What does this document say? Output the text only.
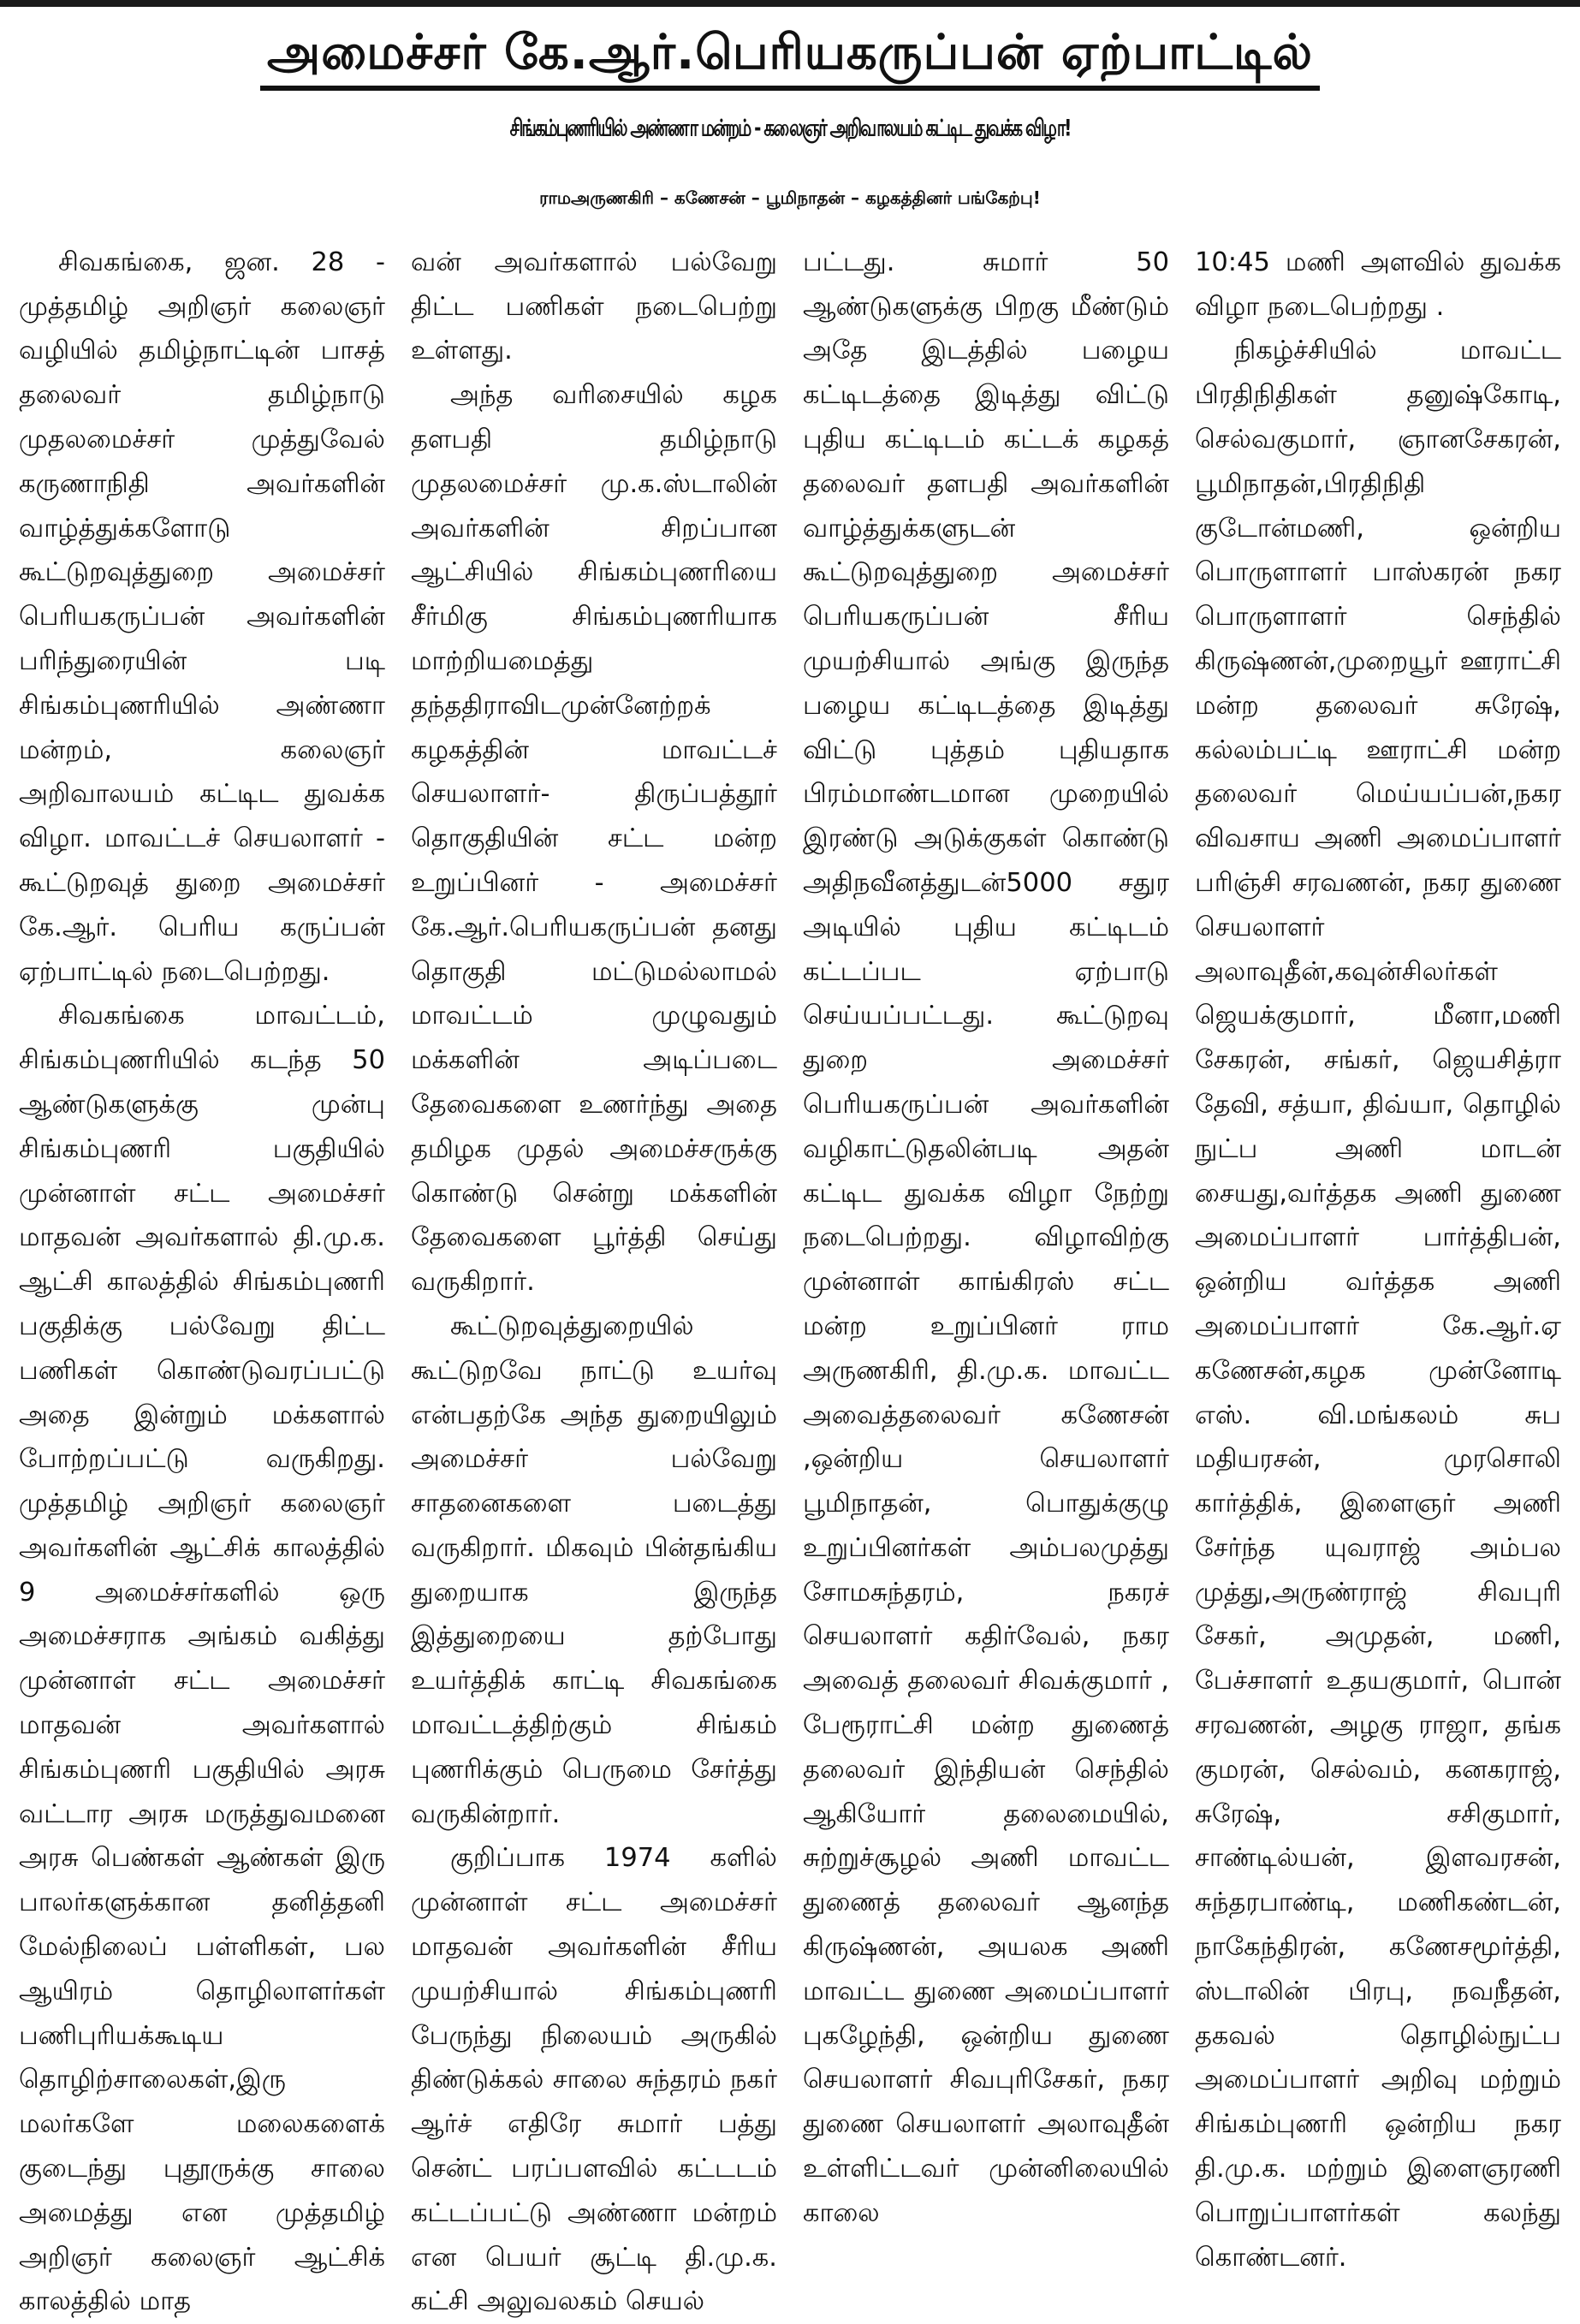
அமைச்சர் கே.ஆர்.பெரியகருப்பன் ஏற்பாட்டில்
சிங்கம்புணரியில் அண்ணா மன்றம் - கலைஞர் அறிவாலயம் கட்டிட துவக்க விழா!
ராமஅருணகிரி – கணேசன் – பூமிநாதன் – கழகத்தினர் பங்கேற்பு!

சிவகங்கை, ஜன. 28 - முத்தமிழ் அறிஞர் கலைஞர் வழியில் தமிழ்நாட்டின் பாசத் தலைவர் தமிழ்நாடு முதலமைச்சர் முத்துவேல் கருணாநிதி அவர்களின் வாழ்த்துக்களோடு கூட்டுறவுத்துறை அமைச்சர் பெரியகருப்பன் அவர்களின் பரிந்துரையின் படி சிங்கம்புணரியில் அண்ணா மன்றம், கலைஞர் அறிவாலயம் கட்டிட துவக்க விழா. மாவட்டச் செயலாளர் - கூட்டுறவுத் துறை அமைச்சர் கே.ஆர். பெரிய கருப்பன் ஏற்பாட்டில் நடைபெற்றது.

சிவகங்கை மாவட்டம், சிங்கம்புணரியில் கடந்த 50 ஆண்டுகளுக்கு முன்பு சிங்கம்புணரி பகுதியில் முன்னாள் சட்ட அமைச்சர் மாதவன் அவர்களால் தி.மு.க. ஆட்சி காலத்தில் சிங்கம்புணரி பகுதிக்கு பல்வேறு திட்ட பணிகள் கொண்டுவரப்பட்டு அதை இன்றும் மக்களால் போற்றப்பட்டு வருகிறது. முத்தமிழ் அறிஞர் கலைஞர் அவர்களின் ஆட்சிக் காலத்தில் 9 அமைச்சர்களில் ஒரு அமைச்சராக அங்கம் வகித்து முன்னாள் சட்ட அமைச்சர் மாதவன் அவர்களால் சிங்கம்புணரி பகுதியில் அரசு வட்டார அரசு மருத்துவமனை அரசு பெண்கள் ஆண்கள் இரு பாலர்களுக்கான தனித்தனி மேல்நிலைப் பள்ளிகள், பல ஆயிரம் தொழிலாளர்கள் பணிபுரியக்கூடிய தொழிற்சாலைகள்,இரு மலர்களே மலைகளைக் குடைந்து புதூருக்கு சாலை அமைத்து என முத்தமிழ் அறிஞர் கலைஞர் ஆட்சிக் காலத்தில் மாத

வன் அவர்களால் பல்வேறு திட்ட பணிகள் நடைபெற்று உள்ளது.

அந்த வரிசையில் கழக தளபதி தமிழ்நாடு முதலமைச்சர் மு.க.ஸ்டாலின் அவர்களின் சிறப்பான ஆட்சியில் சிங்கம்புணரியை சீர்மிகு சிங்கம்புணரியாக மாற்றியமைத்து தந்ததிராவிடமுன்னேற்றக் கழகத்தின் மாவட்டச் செயலாளர்- திருப்பத்தூர் தொகுதியின் சட்ட மன்ற உறுப்பினர் - அமைச்சர் கே.ஆர்.பெரியகருப்பன் தனது தொகுதி மட்டுமல்லாமல் மாவட்டம் முழுவதும் மக்களின் அடிப்படை தேவைகளை உணர்ந்து அதை தமிழக முதல் அமைச்சருக்கு கொண்டு சென்று மக்களின் தேவைகளை பூர்த்தி செய்து வருகிறார்.

கூட்டுறவுத்துறையில் கூட்டுறவே நாட்டு உயர்வு என்பதற்கே அந்த துறையிலும் அமைச்சர் பல்வேறு சாதனைகளை படைத்து வருகிறார். மிகவும் பின்தங்கிய துறையாக இருந்த இத்துறையை தற்போது உயர்த்திக் காட்டி சிவகங்கை மாவட்டத்திற்கும் சிங்கம் புணரிக்கும் பெருமை சேர்த்து வருகின்றார்.

குறிப்பாக 1974 களில் முன்னாள் சட்ட அமைச்சர் மாதவன் அவர்களின் சீரிய முயற்சியால் சிங்கம்புணரி பேருந்து நிலையம் அருகில் திண்டுக்கல் சாலை சுந்தரம் நகர் ஆர்ச் எதிரே சுமார் பத்து சென்ட் பரப்பளவில் கட்டடம் கட்டப்பட்டு அண்ணா மன்றம் என பெயர் சூட்டி தி.மு.க. கட்சி அலுவலகம் செயல்

பட்டது. சுமார் 50 ஆண்டுகளுக்கு பிறகு மீண்டும் அதே இடத்தில் பழைய கட்டிடத்தை இடித்து விட்டு புதிய கட்டிடம் கட்டக் கழகத் தலைவர் தளபதி அவர்களின் வாழ்த்துக்களுடன் கூட்டுறவுத்துறை அமைச்சர் பெரியகருப்பன் சீரிய முயற்சியால் அங்கு இருந்த பழைய கட்டிடத்தை இடித்து விட்டு புத்தம் புதியதாக பிரம்மாண்டமான முறையில் இரண்டு அடுக்குகள் கொண்டு அதிநவீனத்துடன்5000 சதுர அடியில் புதிய கட்டிடம் கட்டப்பட ஏற்பாடு செய்யப்பட்டது. கூட்டுறவு துறை அமைச்சர் பெரியகருப்பன் அவர்களின் வழிகாட்டுதலின்படி அதன் கட்டிட துவக்க விழா நேற்று நடைபெற்றது. விழாவிற்கு முன்னாள் காங்கிரஸ் சட்ட மன்ற உறுப்பினர் ராம அருணகிரி, தி.மு.க. மாவட்ட அவைத்தலைவர் கணேசன் ,ஒன்றிய செயலாளர் பூமிநாதன், பொதுக்குழு உறுப்பினர்கள் அம்பலமுத்து சோமசுந்தரம், நகரச் செயலாளர் கதிர்வேல், நகர அவைத் தலைவர் சிவக்குமார் , பேரூராட்சி மன்ற துணைத் தலைவர் இந்தியன் செந்தில் ஆகியோர் தலைமையில், சுற்றுச்சூழல் அணி மாவட்ட துணைத் தலைவர் ஆனந்த கிருஷ்ணன், அயலக அணி மாவட்ட துணை அமைப்பாளர் புகழேந்தி, ஒன்றிய துணை செயலாளர் சிவபுரிசேகர், நகர துணை செயலாளர் அலாவுதீன் உள்ளிட்டவர் முன்னிலையில் காலை

10:45 மணி அளவில் துவக்க விழா நடைபெற்றது .

நிகழ்ச்சியில் மாவட்ட பிரதிநிதிகள் தனுஷ்கோடி, செல்வகுமார், ஞானசேகரன், பூமிநாதன்,பிரதிநிதி குடோன்மணி, ஒன்றிய பொருளாளர் பாஸ்கரன் நகர பொருளாளர் செந்தில் கிருஷ்ணன்,முறையூர் ஊராட்சி மன்ற தலைவர் சுரேஷ், கல்லம்பட்டி ஊராட்சி மன்ற தலைவர் மெய்யப்பன்,நகர விவசாய அணி அமைப்பாளர் பரிஞ்சி சரவணன், நகர துணை செயலாளர் அலாவுதீன்,கவுன்சிலர்கள் ஜெயக்குமார், மீனா,மணி சேகரன், சங்கர், ஜெயசித்ரா தேவி, சத்யா, திவ்யா, தொழில் நுட்ப அணி மாடன் சையது,வர்த்தக அணி துணை அமைப்பாளர் பார்த்திபன், ஒன்றிய வர்த்தக அணி அமைப்பாளர் கே.ஆர்.ஏ கணேசன்,கழக முன்னோடி எஸ். வி.மங்கலம் சுப மதியரசன், முரசொலி கார்த்திக், இளைஞர் அணி சேர்ந்த யுவராஜ் அம்பல முத்து,அருண்ராஜ் சிவபுரி சேகர், அமுதன், மணி, பேச்சாளர் உதயகுமார், பொன் சரவணன், அழகு ராஜா, தங்க குமரன், செல்வம், கனகராஜ், சுரேஷ், சசிகுமார், சாண்டில்யன், இளவரசன், சுந்தரபாண்டி, மணிகண்டன், நாகேந்திரன், கணேசமூர்த்தி, ஸ்டாலின் பிரபு, நவநீதன், தகவல் தொழில்நுட்ப அமைப்பாளர் அறிவு மற்றும் சிங்கம்புணரி ஒன்றிய நகர தி.மு.க. மற்றும் இளைஞரணி பொறுப்பாளர்கள் கலந்து கொண்டனர்.
